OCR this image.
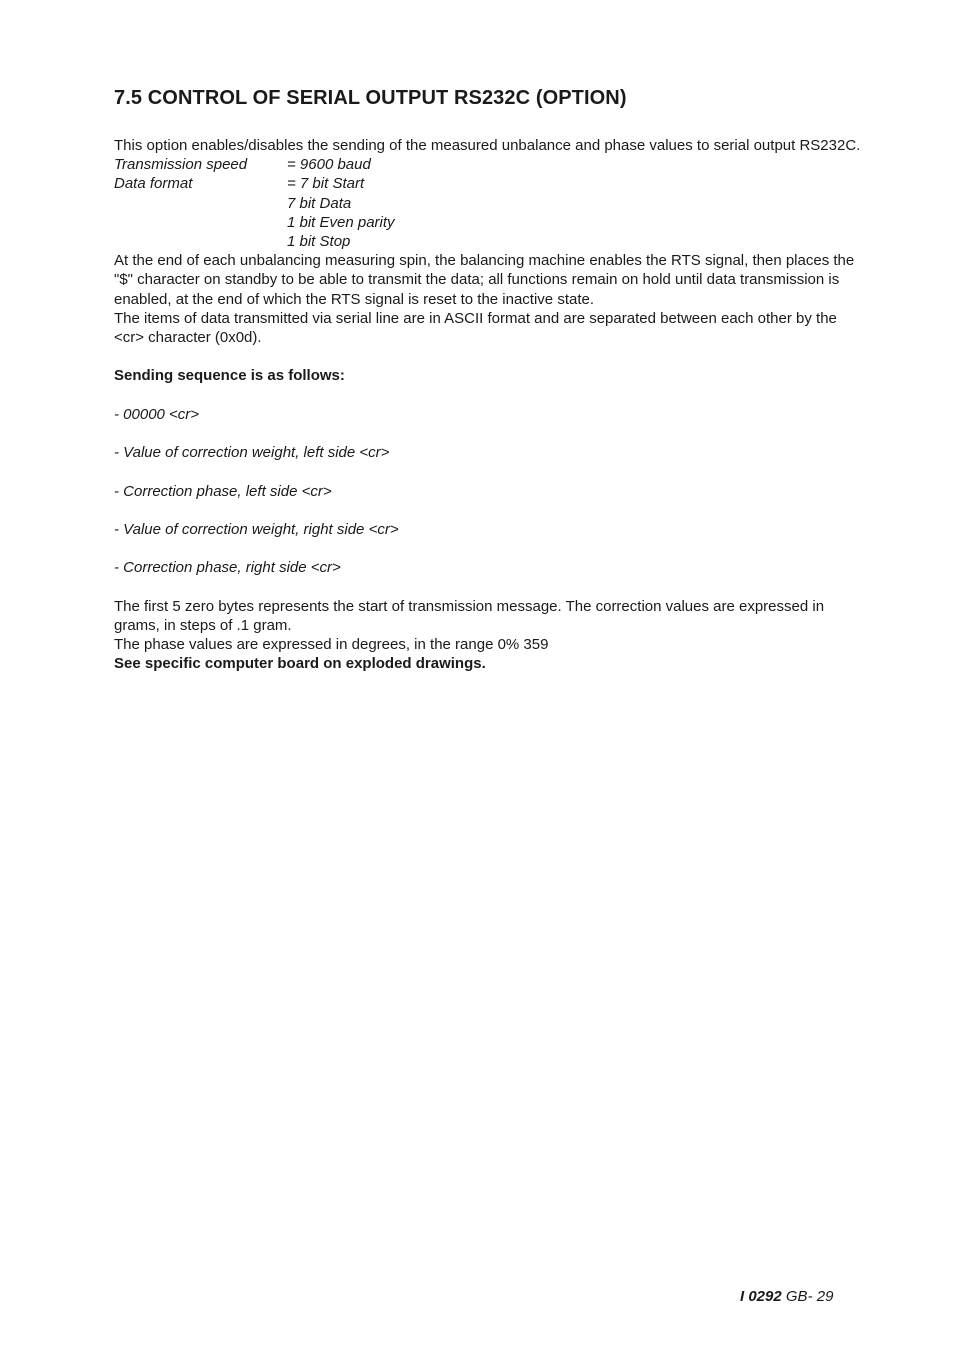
7.5 CONTROL OF SERIAL OUTPUT RS232C (OPTION)

This option enables/disables the sending of the measured unbalance and phase values to serial output RS232C.

Transmission speed	= 9600 baud
Data format	= 7 bit Start
7 bit Data
1 bit Even parity
1 bit Stop

At the end of each unbalancing measuring spin, the balancing machine enables the RTS signal, then places the "$" character on standby to be able to transmit the data; all functions remain on hold until data transmission is enabled, at the end of which the RTS signal is reset to the inactive state.

The items of data transmitted via serial line are in ASCII format and are separated between each other by the <cr> character (0x0d).

Sending sequence is as follows:

- 00000 <cr>
- Value of correction weight, left side <cr>
- Correction phase, left side <cr>
- Value of correction weight, right side <cr>
- Correction phase, right side <cr>

The first 5 zero bytes represents the start of transmission message. The correction values are expressed in grams, in steps of .1 gram.

The phase values are expressed in degrees, in the range 0% 359

See specific computer board on exploded drawings.

I 0292 GB- 29
